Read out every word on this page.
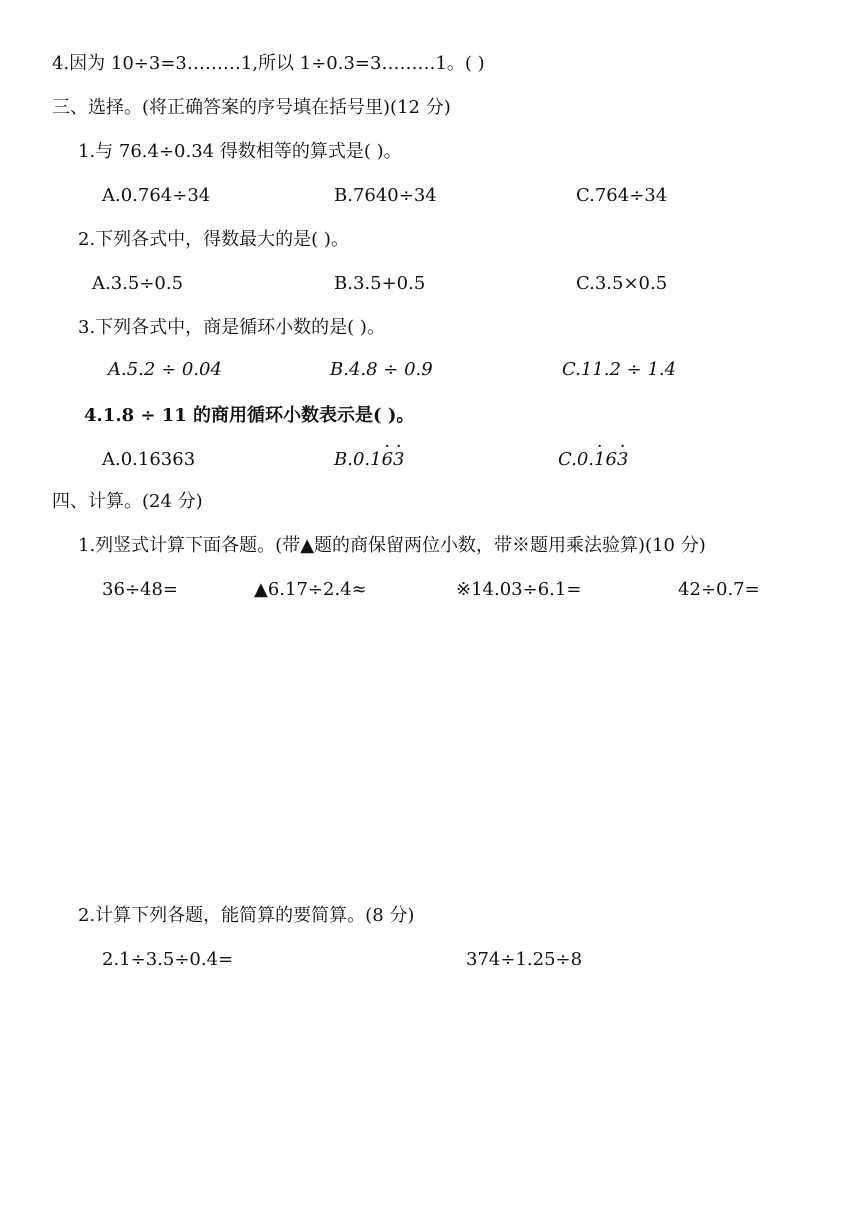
4.因为 10÷3=3………1,所以 1÷0.3=3………1。( )
三、选择。(将正确答案的序号填在括号里)(12 分)
1.与 76.4÷0.34 得数相等的算式是( )。
A.0.764÷34	B.7640÷34	C.764÷34
2.下列各式中，得数最大的是( )。
A.3.5÷0.5	B.3.5+0.5	C.3.5×0.5
3.下列各式中，商是循环小数的是( )。
A.5.2 ÷ 0.04	B.4.8 ÷ 0.9	C.11.2 ÷ 1.4
4.1.8 ÷ 11 的商用循环小数表示是( )。
A.0.16363	B.0.1· 6· 3	C.0.· 16· 3
四、计算。(24 分)
1.列竖式计算下面各题。(带▲题的商保留两位小数，带※题用乘法验算)(10 分)
36÷48=	▲6.17÷2.4≈	※14.03÷6.1=	42÷0.7=
2.计算下列各题，能简算的要简算。(8 分)
2.1÷3.5÷0.4=	374÷1.25÷8
